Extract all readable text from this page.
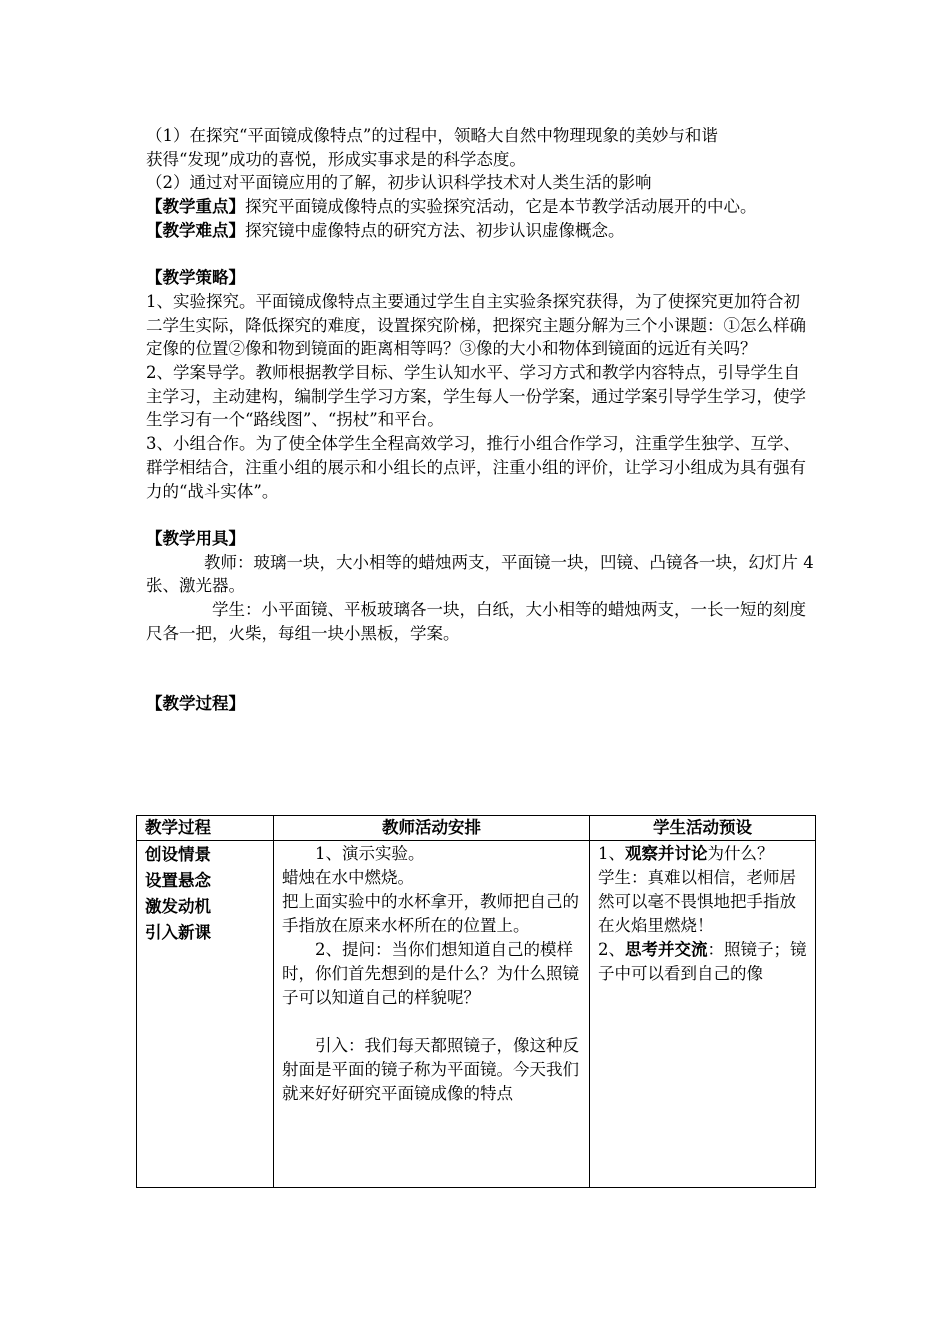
（1）在探究“平面镜成像特点”的过程中，领略大自然中物理现象的美妙与和谐

获得“发现”成功的喜悦，形成实事求是的科学态度。

（2）通过对平面镜应用的了解，初步认识科学技术对人类生活的影响

【教学重点】探究平面镜成像特点的实验探究活动，它是本节教学活动展开的中心。

【教学难点】探究镜中虚像特点的研究方法、初步认识虚像概念。

【教学策略】

1、实验探究。平面镜成像特点主要通过学生自主实验条探究获得，为了使探究更加符合初二学生实际，降低探究的难度，设置探究阶梯，把探究主题分解为三个小课题：①怎么样确定像的位置②像和物到镜面的距离相等吗？③像的大小和物体到镜面的远近有关吗？

2、学案导学。教师根据教学目标、学生认知水平、学习方式和教学内容特点，引导学生自主学习，主动建构，编制学生学习方案，学生每人一份学案，通过学案引导学生学习，使学生学习有一个“路线图”、“拐杖”和平台。

3、小组合作。为了使全体学生全程高效学习，推行小组合作学习，注重学生独学、互学、群学相结合，注重小组的展示和小组长的点评，注重小组的评价，让学习小组成为具有强有力的“战斗实体”。

【教学用具】

教师：玻璃一块，大小相等的蜡烛两支，平面镜一块，凹镜、凸镜各一块，幻灯片 4 张、激光器。

学生：小平面镜、平板玻璃各一块，白纸，大小相等的蜡烛两支，一长一短的刻度尺各一把，火柴，每组一块小黑板，学案。

【教学过程】

教学过程	教师活动安排	学生活动预设

创设情景
设置悬念
激发动机
引入新课	1、演示实验。
蜡烛在水中燃烧。
把上面实验中的水杯拿开，教师把自己的手指放在原来水杯所在的位置上。
2、提问：当你们想知道自己的模样时，你们首先想到的是什么？为什么照镜子可以知道自己的样貌呢？
引入：我们每天都照镜子，像这种反射面是平面的镜子称为平面镜。今天我们就来好好研究平面镜成像的特点	1、观察并讨论为什么？
学生：真难以相信，老师居然可以毫不畏惧地把手指放在火焰里燃烧！
2、思考并交流：照镜子；镜子中可以看到自己的像
